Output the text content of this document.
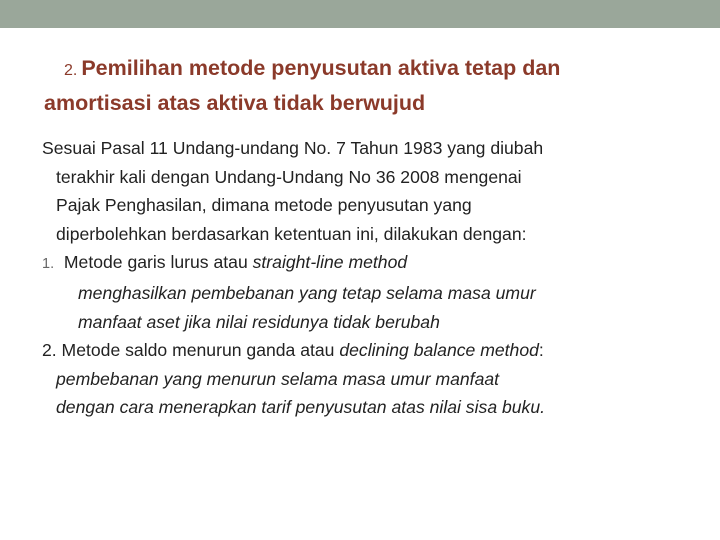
2. Pemilihan metode penyusutan aktiva tetap dan
amortisasi atas aktiva tidak berwujud
Sesuai Pasal 11 Undang-undang No. 7 Tahun 1983 yang diubah
terakhir kali dengan Undang-Undang No 36 2008 mengenai
Pajak Penghasilan, dimana metode penyusutan yang
diperbolehkan berdasarkan ketentuan ini, dilakukan dengan:
1. Metode garis lurus atau straight-line method
menghasilkan pembebanan yang tetap selama masa umur
manfaat aset jika nilai residunya tidak berubah
2. Metode saldo menurun ganda atau declining balance method:
pembebanan yang menurun selama masa umur manfaat
dengan cara menerapkan tarif penyusutan atas nilai sisa buku.
